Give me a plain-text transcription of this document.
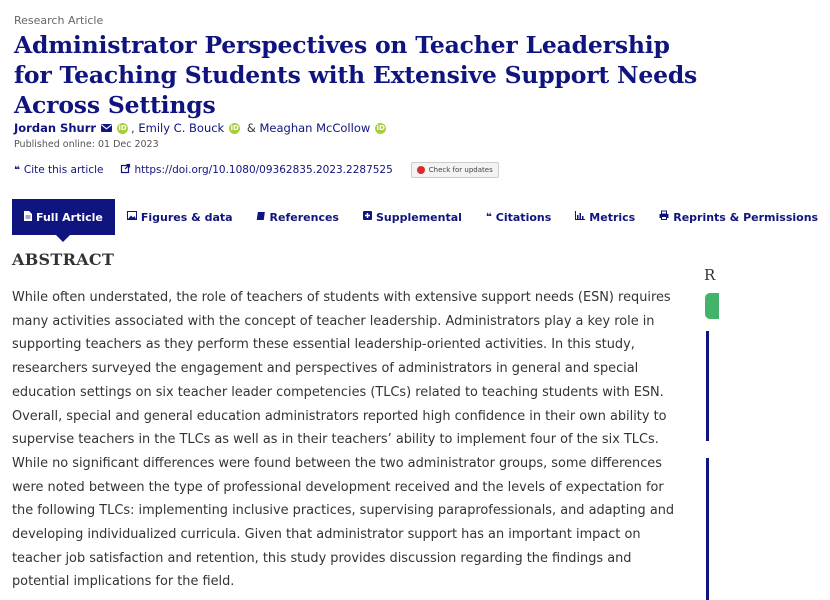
Research Article
Administrator Perspectives on Teacher Leadership for Teaching Students with Extensive Support Needs Across Settings
Jordan Shurr	iD ,
Emily C. Bouck iD
&
Meaghan McCollow iD
Published online: 01 Dec 2023
❝ Cite this article	https://doi.org/10.1080/09362835.2023.2287525	Check for updates
Full Article	Figures & data	References	Supplemental ❝ Citations	Metrics	Reprints & Permissions
ABSTRACT

While often understated, the role of teachers of students with extensive support needs (ESN) requires many activities associated with the concept of teacher leadership. Administrators play a key role in supporting teachers as they perform these essential leadership-oriented activities. In this study, researchers surveyed the engagement and perspectives of administrators in general and special education settings on six teacher leader competencies (TLCs) related to teaching students with ESN. Overall, special and general education administrators reported high confidence in their own ability to supervise teachers in the TLCs as well as in their teachers’ ability to implement four of the six TLCs. While no significant differences were found between the two administrator groups, some differences were noted between the type of professional development received and the levels of expectation for the following TLCs: implementing inclusive practices, supervising paraprofessionals, and adapting and developing individualized curricula. Given that administrator support has an important impact on teacher job satisfaction and retention, this study provides discussion regarding the findings and potential implications for the field.

R
